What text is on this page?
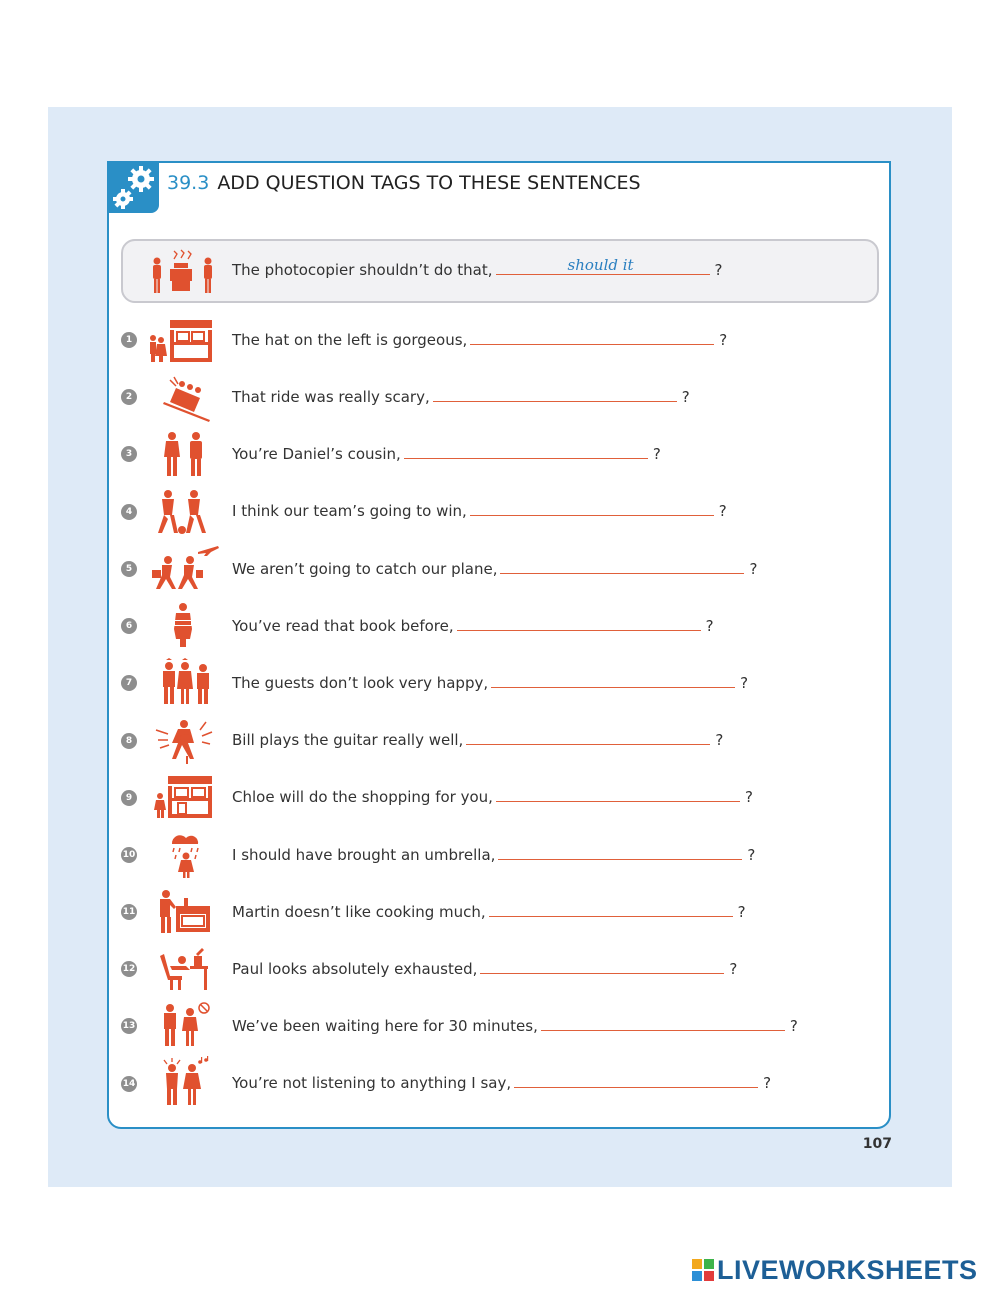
39.3 ADD QUESTION TAGS TO THESE SENTENCES
The photocopier shouldn’t do that,	should it	?
1	The hat on the left is gorgeous,	?
2	That ride was really scary,	?
3	You’re Daniel’s cousin,	?
4	I think our team’s going to win,	?
5	We aren’t going to catch our plane,	?
6	You’ve read that book before,	?
7	The guests don’t look very happy,	?
8	Bill plays the guitar really well,	?
9	Chloe will do the shopping for you,	?
10	I should have brought an umbrella,	?
11	Martin doesn’t like cooking much,	?
12	Paul looks absolutely exhausted,	?
13	We’ve been waiting here for 30 minutes,	?
14	You’re not listening to anything I say,	?
107
LIVEWORKSHEETS
